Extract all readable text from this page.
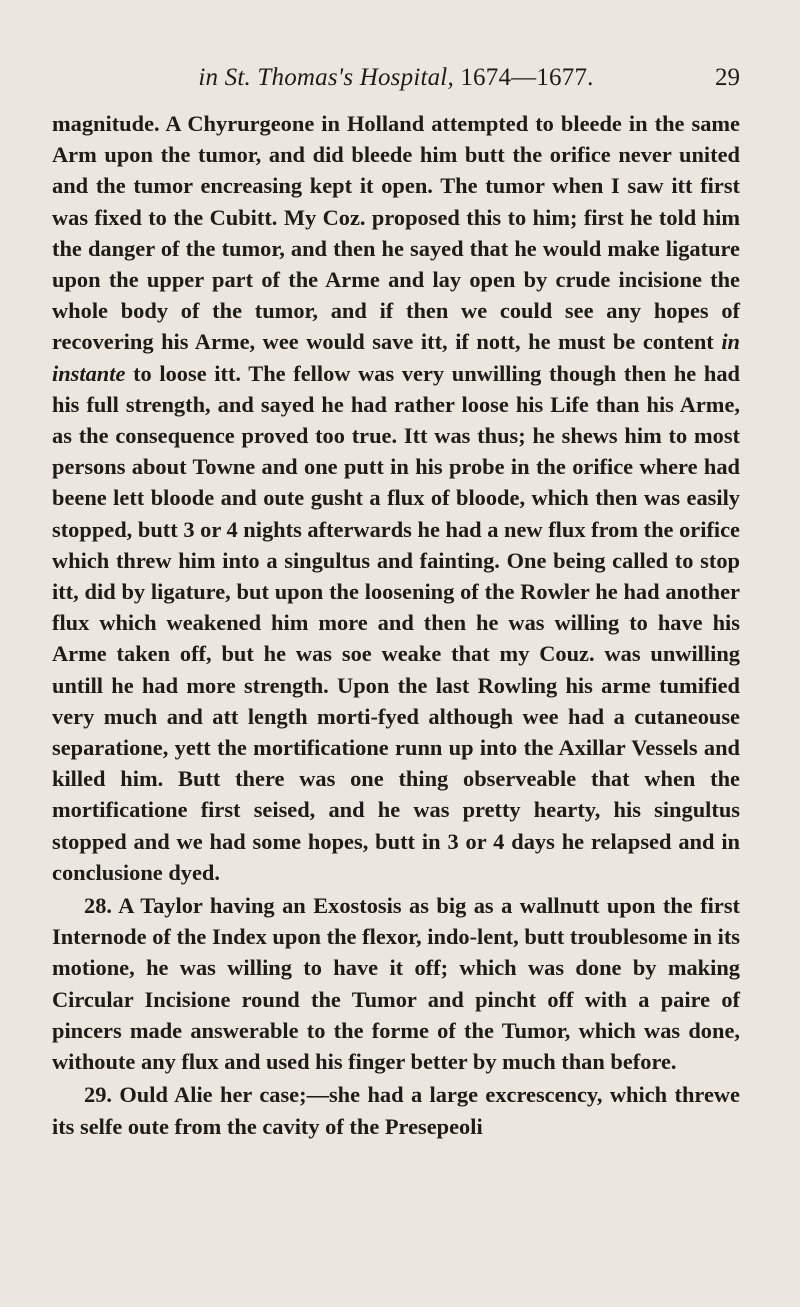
in St. Thomas's Hospital, 1674—1677.	29

magnitude. A Chyrurgeone in Holland attempted to bleede in the same Arm upon the tumor, and did bleede him butt the orifice never united and the tumor encreasing kept it open. The tumor when I saw itt first was fixed to the Cubitt. My Coz. proposed this to him; first he told him the danger of the tumor, and then he sayed that he would make ligature upon the upper part of the Arme and lay open by crude incisione the whole body of the tumor, and if then we could see any hopes of recovering his Arme, wee would save itt, if nott, he must be content in instante to loose itt. The fellow was very unwilling though then he had his full strength, and sayed he had rather loose his Life than his Arme, as the consequence proved too true. Itt was thus; he shews him to most persons about Towne and one putt in his probe in the orifice where had beene lett bloode and oute gusht a flux of bloode, which then was easily stopped, butt 3 or 4 nights afterwards he had a new flux from the orifice which threw him into a singultus and fainting. One being called to stop itt, did by ligature, but upon the loosening of the Rowler he had another flux which weakened him more and then he was willing to have his Arme taken off, but he was soe weake that my Couz. was unwilling untill he had more strength. Upon the last Rowling his arme tumified very much and att length morti-fyed although wee had a cutaneouse separatione, yett the mortificatione runn up into the Axillar Vessels and killed him. Butt there was one thing observeable that when the mortificatione first seised, and he was pretty hearty, his singultus stopped and we had some hopes, butt in 3 or 4 days he relapsed and in conclusione dyed.

28. A Taylor having an Exostosis as big as a wallnutt upon the first Internode of the Index upon the flexor, indo-lent, butt troublesome in its motione, he was willing to have it off; which was done by making Circular Incisione round the Tumor and pincht off with a paire of pincers made answerable to the forme of the Tumor, which was done, withoute any flux and used his finger better by much than before.

29. Ould Alie her case;—she had a large excrescency, which threwe its selfe oute from the cavity of the Presepeoli
